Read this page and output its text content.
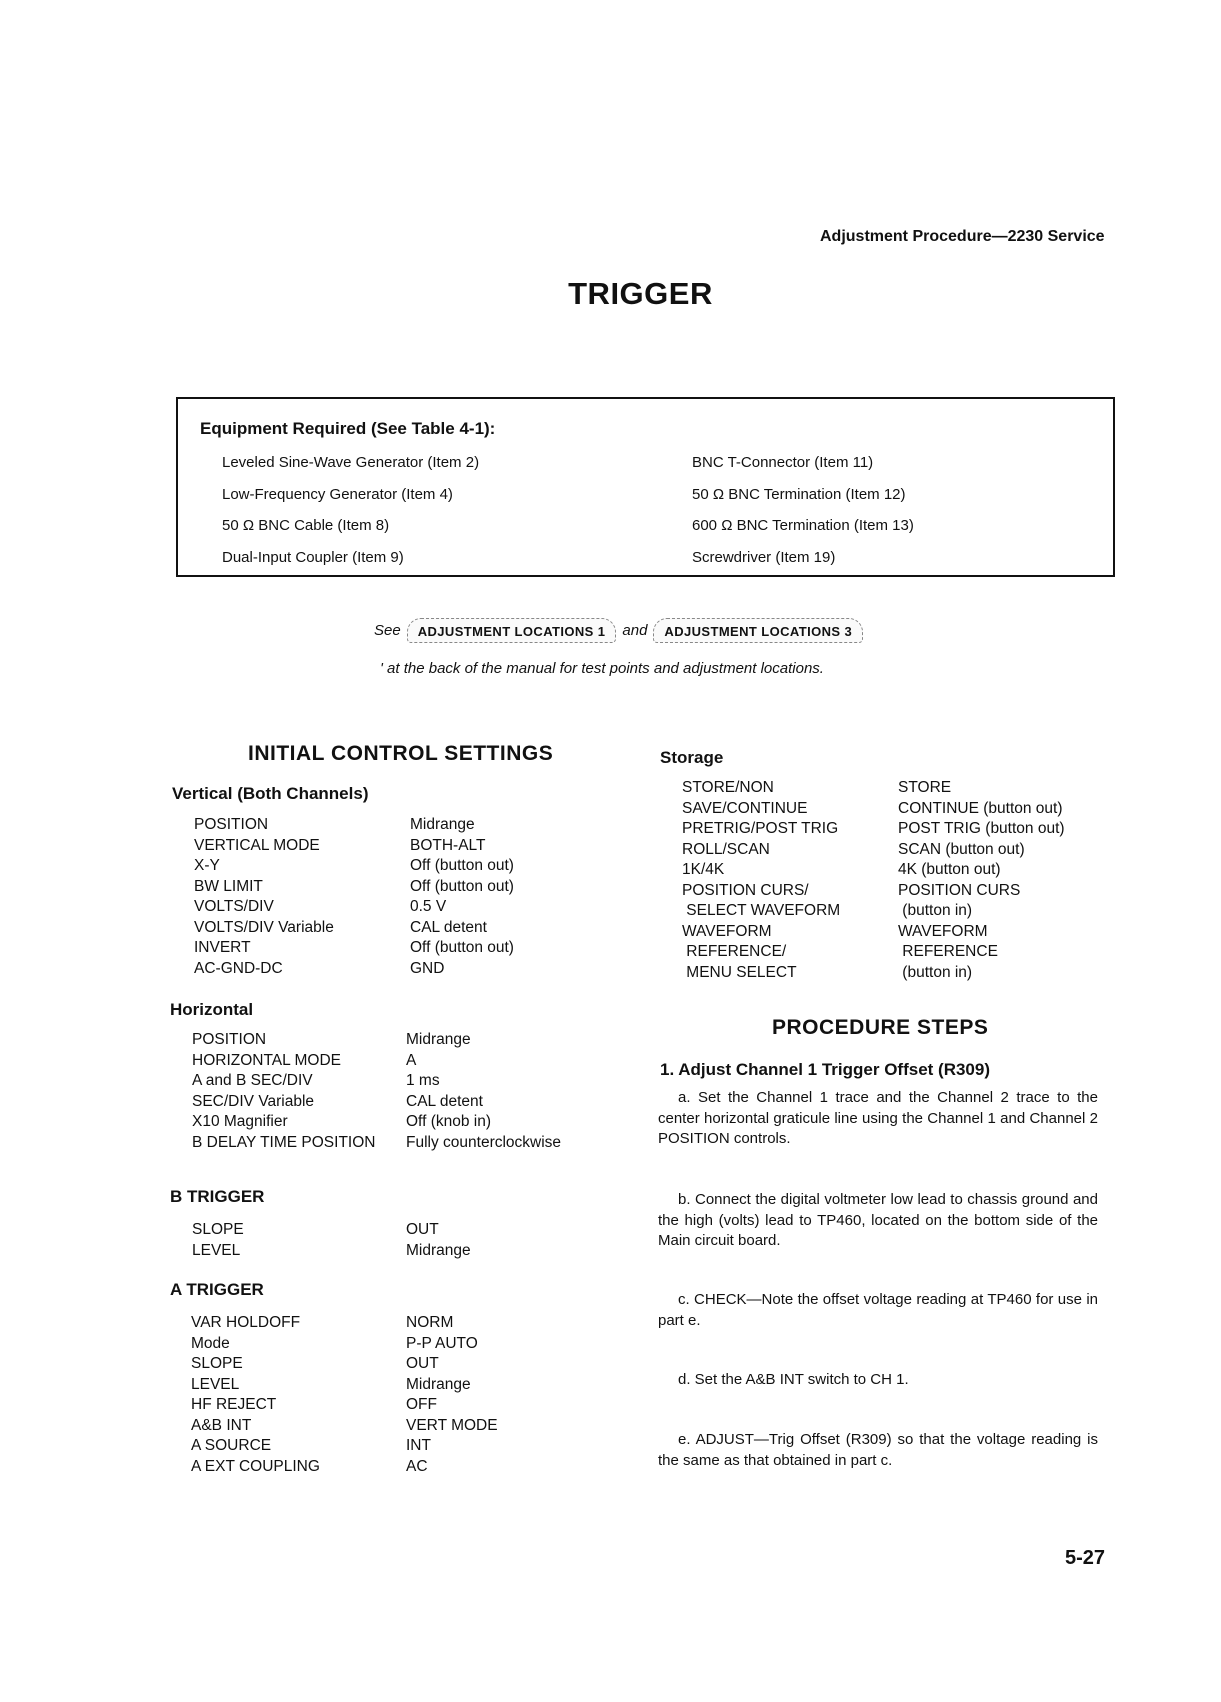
Adjustment Procedure—2230 Service
TRIGGER
Equipment Required (See Table 4-1):
Leveled Sine-Wave Generator (Item 2)
Low-Frequency Generator (Item 4)
50 Ω BNC Cable (Item 8)
Dual-Input Coupler (Item 9)
BNC T-Connector (Item 11)
50 Ω BNC Termination (Item 12)
600 Ω BNC Termination (Item 13)
Screwdriver (Item 19)
See	ADJUSTMENT LOCATIONS 1	and	ADJUSTMENT LOCATIONS 3
' at the back of the manual for test points and adjustment locations.
INITIAL CONTROL SETTINGS
Vertical (Both Channels)
POSITION	Midrange
VERTICAL MODE	BOTH-ALT
X-Y	Off (button out)
BW LIMIT	Off (button out)
VOLTS/DIV	0.5 V
VOLTS/DIV Variable	CAL detent
INVERT	Off (button out)
AC-GND-DC	GND
Horizontal
POSITION	Midrange
HORIZONTAL MODE	A
A and B SEC/DIV	1 ms
SEC/DIV Variable	CAL detent
X10 Magnifier	Off (knob in)
B DELAY TIME POSITION	Fully counterclockwise
B TRIGGER
SLOPE	OUT
LEVEL	Midrange
A TRIGGER
VAR HOLDOFF	NORM
Mode	P-P AUTO
SLOPE	OUT
LEVEL	Midrange
HF REJECT	OFF
A&B INT	VERT MODE
A SOURCE	INT
A EXT COUPLING	AC
Storage
STORE/NON	STORE
SAVE/CONTINUE	CONTINUE (button out)
PRETRIG/POST TRIG	POST TRIG (button out)
ROLL/SCAN	SCAN (button out)
1K/4K	4K (button out)
POSITION CURS/	POSITION CURS
SELECT WAVEFORM	(button in)
WAVEFORM	WAVEFORM
REFERENCE/	REFERENCE
MENU SELECT	(button in)
PROCEDURE STEPS
1. Adjust Channel 1 Trigger Offset (R309)
a. Set the Channel 1 trace and the Channel 2 trace to the center horizontal graticule line using the Channel 1 and Channel 2 POSITION controls.
b. Connect the digital voltmeter low lead to chassis ground and the high (volts) lead to TP460, located on the bottom side of the Main circuit board.
c. CHECK—Note the offset voltage reading at TP460 for use in part e.
d. Set the A&B INT switch to CH 1.
e. ADJUST—Trig Offset (R309) so that the voltage reading is the same as that obtained in part c.
5-27
